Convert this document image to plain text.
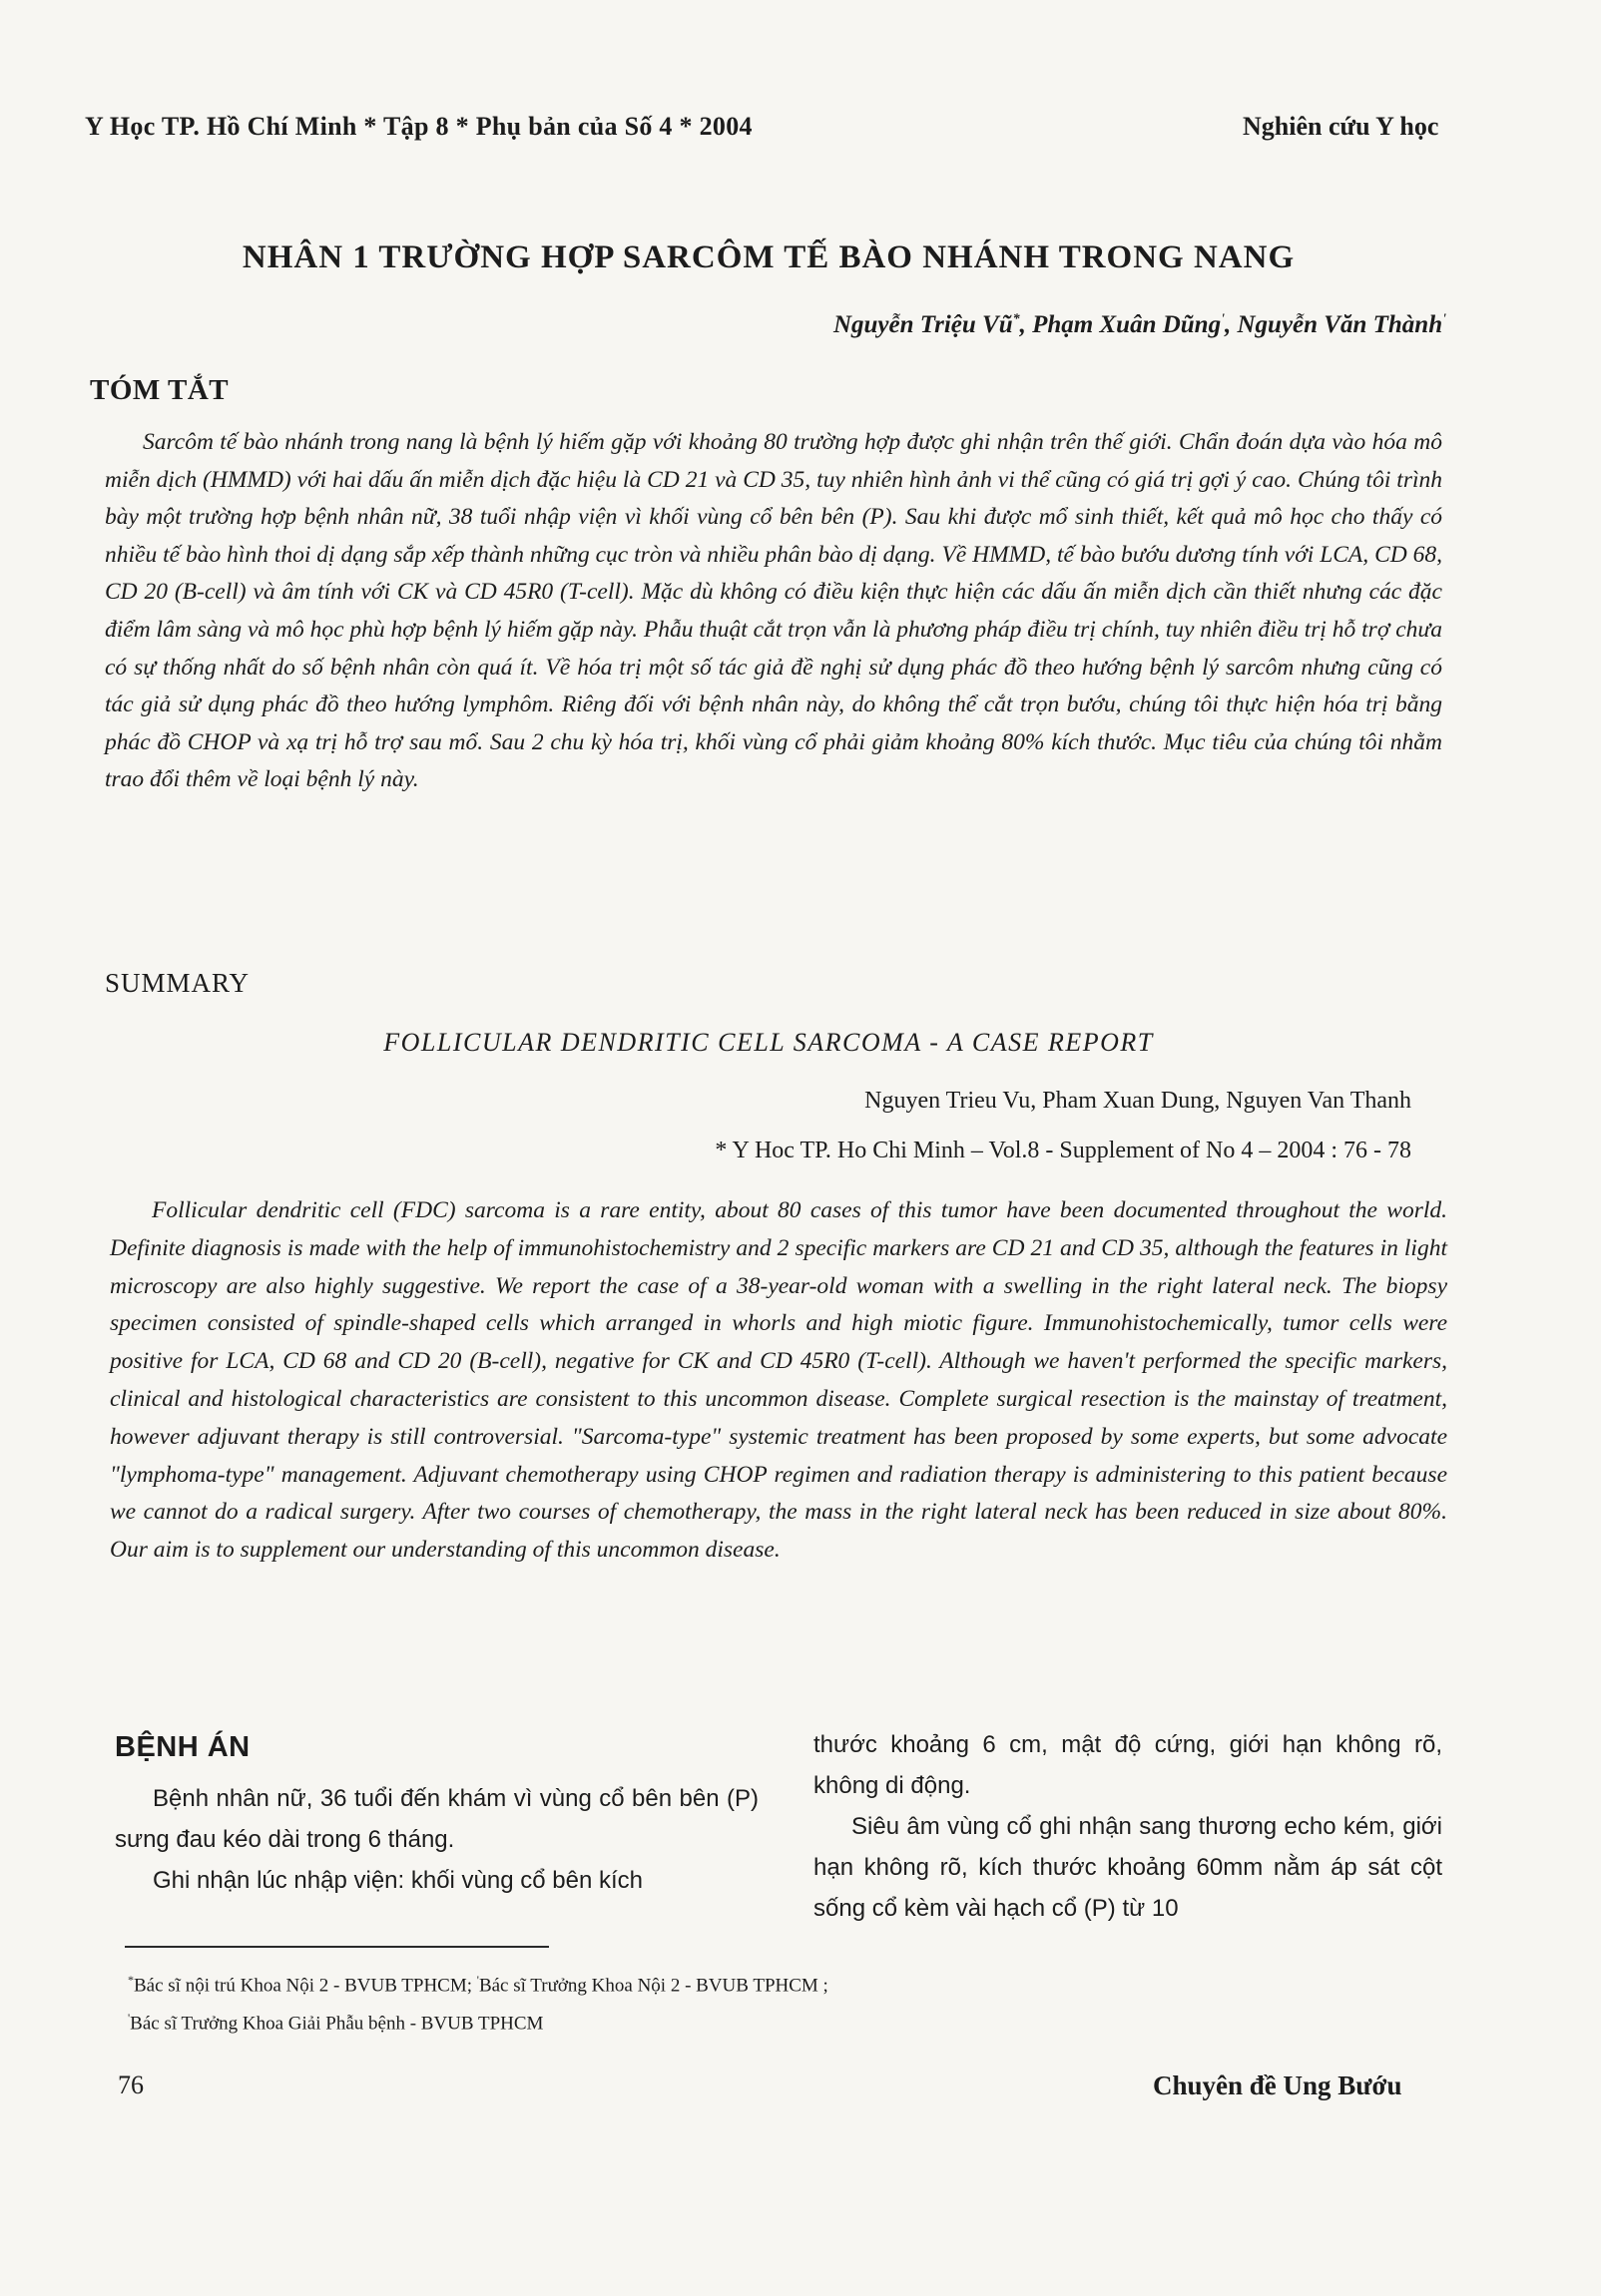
Y Học TP. Hồ Chí Minh * Tập 8 * Phụ bản của Số 4 * 2004	Nghiên cứu Y học
NHÂN 1 TRƯỜNG HỢP SARCÔM TẾ BÀO NHÁNH TRONG NANG
Nguyễn Triệu Vũ*, Phạm Xuân Dũng', Nguyễn Văn Thành'
TÓM TẮT
Sarcôm tế bào nhánh trong nang là bệnh lý hiếm gặp với khoảng 80 trường hợp được ghi nhận trên thế giới. Chẩn đoán dựa vào hóa mô miễn dịch (HMMD) với hai dấu ấn miễn dịch đặc hiệu là CD 21 và CD 35, tuy nhiên hình ảnh vi thể cũng có giá trị gợi ý cao. Chúng tôi trình bày một trường hợp bệnh nhân nữ, 38 tuổi nhập viện vì khối vùng cổ bên bên (P). Sau khi được mổ sinh thiết, kết quả mô học cho thấy có nhiều tế bào hình thoi dị dạng sắp xếp thành những cục tròn và nhiều phân bào dị dạng. Về HMMD, tế bào bướu dương tính với LCA, CD 68, CD 20 (B-cell) và âm tính với CK và CD 45R0 (T-cell). Mặc dù không có điều kiện thực hiện các dấu ấn miễn dịch cần thiết nhưng các đặc điểm lâm sàng và mô học phù hợp bệnh lý hiếm gặp này. Phẫu thuật cắt trọn vẫn là phương pháp điều trị chính, tuy nhiên điều trị hỗ trợ chưa có sự thống nhất do số bệnh nhân còn quá ít. Về hóa trị một số tác giả đề nghị sử dụng phác đồ theo hướng bệnh lý sarcôm nhưng cũng có tác giả sử dụng phác đồ theo hướng lymphôm. Riêng đối với bệnh nhân này, do không thể cắt trọn bướu, chúng tôi thực hiện hóa trị bằng phác đồ CHOP và xạ trị hỗ trợ sau mổ. Sau 2 chu kỳ hóa trị, khối vùng cổ phải giảm khoảng 80% kích thước. Mục tiêu của chúng tôi nhằm trao đổi thêm về loại bệnh lý này.
SUMMARY
FOLLICULAR DENDRITIC CELL SARCOMA - A CASE REPORT
Nguyen Trieu Vu, Pham Xuan Dung, Nguyen Van Thanh
* Y Hoc TP. Ho Chi Minh – Vol.8 - Supplement of No 4 – 2004 : 76 - 78
Follicular dendritic cell (FDC) sarcoma is a rare entity, about 80 cases of this tumor have been documented throughout the world. Definite diagnosis is made with the help of immunohistochemistry and 2 specific markers are CD 21 and CD 35, although the features in light microscopy are also highly suggestive. We report the case of a 38-year-old woman with a swelling in the right lateral neck. The biopsy specimen consisted of spindle-shaped cells which arranged in whorls and high miotic figure. Immunohistochemically, tumor cells were positive for LCA, CD 68 and CD 20 (B-cell), negative for CK and CD 45R0 (T-cell). Although we haven't performed the specific markers, clinical and histological characteristics are consistent to this uncommon disease. Complete surgical resection is the mainstay of treatment, however adjuvant therapy is still controversial. "Sarcoma-type" systemic treatment has been proposed by some experts, but some advocate "lymphoma-type" management. Adjuvant chemotherapy using CHOP regimen and radiation therapy is administering to this patient because we cannot do a radical surgery. After two courses of chemotherapy, the mass in the right lateral neck has been reduced in size about 80%. Our aim is to supplement our understanding of this uncommon disease.
BỆNH ÁN

Bệnh nhân nữ, 36 tuổi đến khám vì vùng cổ bên bên (P) sưng đau kéo dài trong 6 tháng.

Ghi nhận lúc nhập viện: khối vùng cổ bên kích

thước khoảng 6 cm, mật độ cứng, giới hạn không rõ, không di động.

Siêu âm vùng cổ ghi nhận sang thương echo kém, giới hạn không rõ, kích thước khoảng 60mm nằm áp sát cột sống cổ kèm vài hạch cổ (P) từ 10

*Bác sĩ nội trú Khoa Nội 2 - BVUB TPHCM; 'Bác sĩ Trưởng Khoa Nội 2 - BVUB TPHCM ;
'Bác sĩ Trưởng Khoa Giải Phẫu bệnh - BVUB TPHCM
76	Chuyên đề Ung Bướu
